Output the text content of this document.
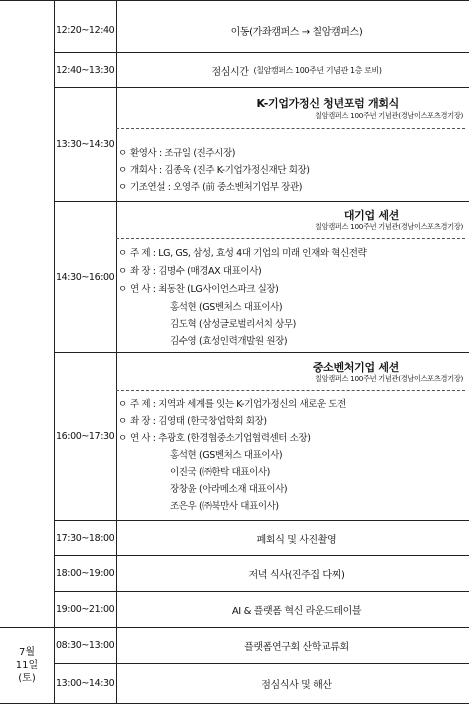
7월
11일
(토)
12:20~12:40
12:40~13:30
13:30~14:30
14:30~16:00
16:00~17:30
17:30~18:00
18:00~19:00
19:00~21:00
08:30~13:00
13:00~14:30
이동(가좌캠퍼스 → 칠암캠퍼스)
점심시간 (칠암캠퍼스 100주년 기념관 1층 로비)
폐회식 및 사진촬영
저녁 식사(진주집 다찌)
AI & 플랫폼 혁신 라운드테이블
플랫폼연구회 산학교류회
점심식사 및 해산
K-기업가정신 청년포럼 개회식
칠암캠퍼스 100주년 기념관(경남이스포츠경기장)
ㅇ 환영사 : 조규일 (진주시장)
ㅇ 개회사 : 김종욱 (진주 K-기업가정신재단 회장)
ㅇ 기조연설 : 오영주 (前 중소벤처기업부 장관)
대기업 세션
칠암캠퍼스 100주년 기념관(경남이스포츠경기장)
ㅇ 주 제 : LG, GS, 삼성, 효성 4대 기업의 미래 인재와 혁신전략
ㅇ 좌 장 : 김명수 (매경AX 대표이사)
ㅇ 연 사 : 최동찬 (LG사이언스파크 실장)
홍석현 (GS벤처스 대표이사)
김도혁 (삼성글로벌리서치 상무)
김수영 (효성인력개발원 원장)
중소벤처기업 세션
칠암캠퍼스 100주년 기념관(경남이스포츠경기장)
ㅇ 주 제 : 지역과 세계를 잇는 K-기업가정신의 새로운 도전
ㅇ 좌 장 : 김영태 (한국창업학회 회장)
ㅇ 연 사 : 추광호 (한경협중소기업협력센터 소장)
홍석현 (GS벤처스 대표이사)
이진국 (㈜한탁 대표이사)
장창윤 (아라메소재 대표이사)
조은우 (㈜북만사 대표이사)
